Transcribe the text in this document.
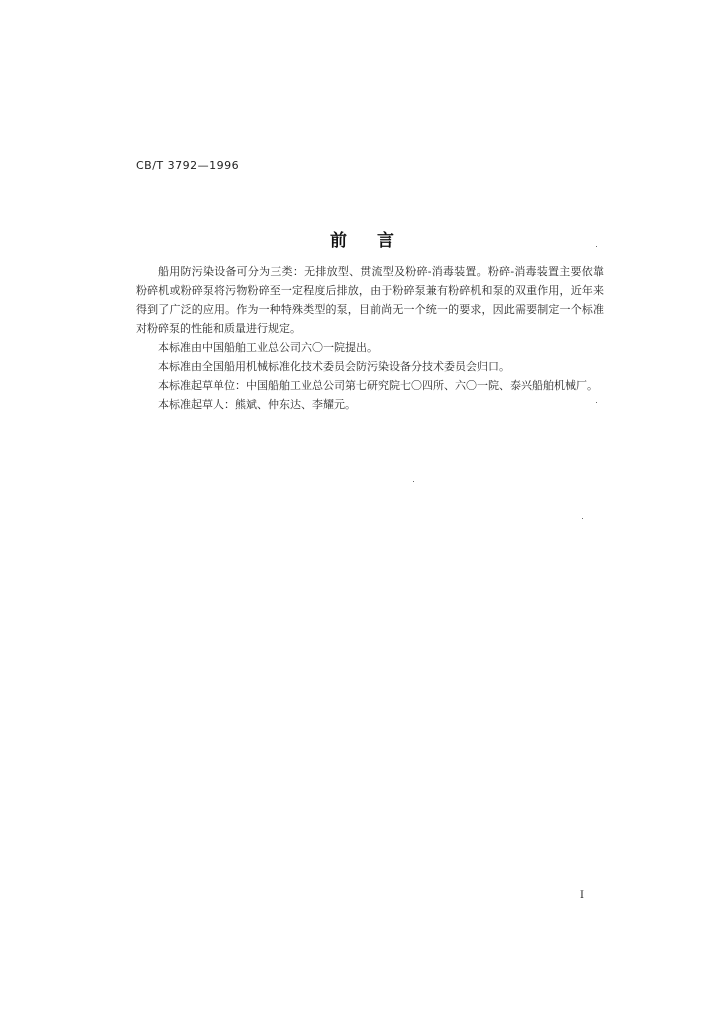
CB/T 3792—1996
前言

船用防污染设备可分为三类：无排放型、贯流型及粉碎-消毒装置。粉碎-消毒装置主要依靠粉碎机或粉碎泵将污物粉碎至一定程度后排放，由于粉碎泵兼有粉碎机和泵的双重作用，近年来得到了广泛的应用。作为一种特殊类型的泵，目前尚无一个统一的要求，因此需要制定一个标准对粉碎泵的性能和质量进行规定。

本标准由中国船舶工业总公司六〇一院提出。

本标准由全国船用机械标准化技术委员会防污染设备分技术委员会归口。

本标准起草单位：中国船舶工业总公司第七研究院七〇四所、六〇一院、泰兴船舶机械厂。

本标准起草人：熊斌、仲东达、李耀元。

I
